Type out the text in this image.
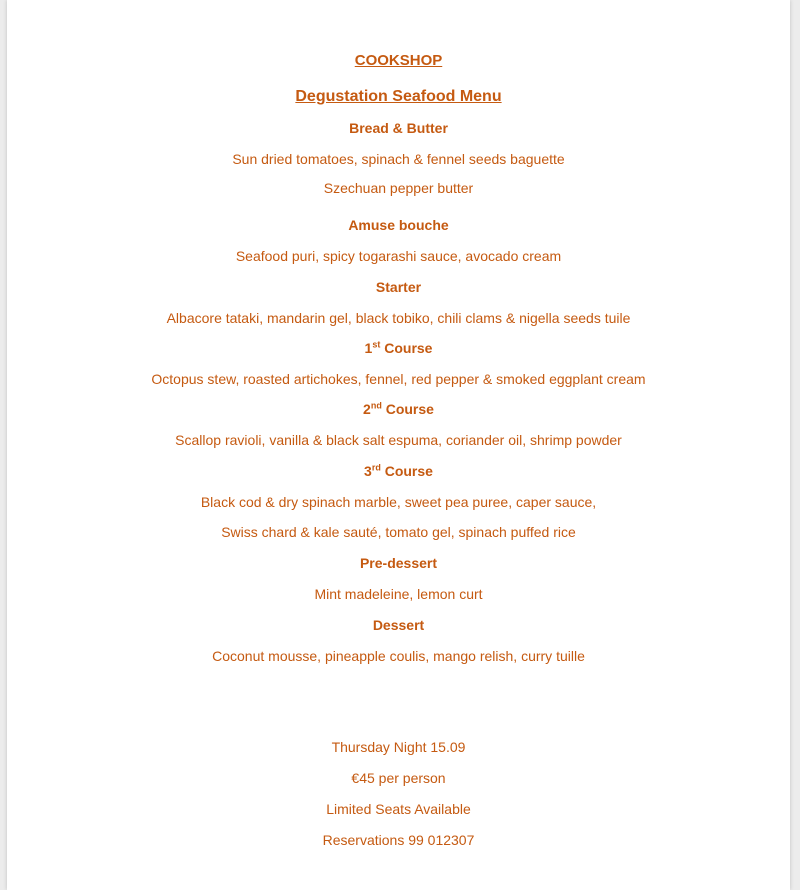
COOKSHOP
Degustation Seafood Menu
Bread & Butter
Sun dried tomatoes, spinach & fennel seeds baguette
Szechuan pepper butter
Amuse bouche
Seafood puri, spicy togarashi sauce, avocado cream
Starter
Albacore tataki, mandarin gel, black tobiko, chili clams & nigella seeds tuile
1st Course
Octopus stew, roasted artichokes, fennel, red pepper & smoked eggplant cream
2nd Course
Scallop ravioli, vanilla & black salt espuma, coriander oil, shrimp powder
3rd Course
Black cod & dry spinach marble, sweet pea puree, caper sauce,
Swiss chard & kale sauté, tomato gel, spinach puffed rice
Pre-dessert
Mint madeleine, lemon curt
Dessert
Coconut mousse, pineapple coulis, mango relish, curry tuille
Thursday Night 15.09
€45 per person
Limited Seats Available
Reservations 99 012307
